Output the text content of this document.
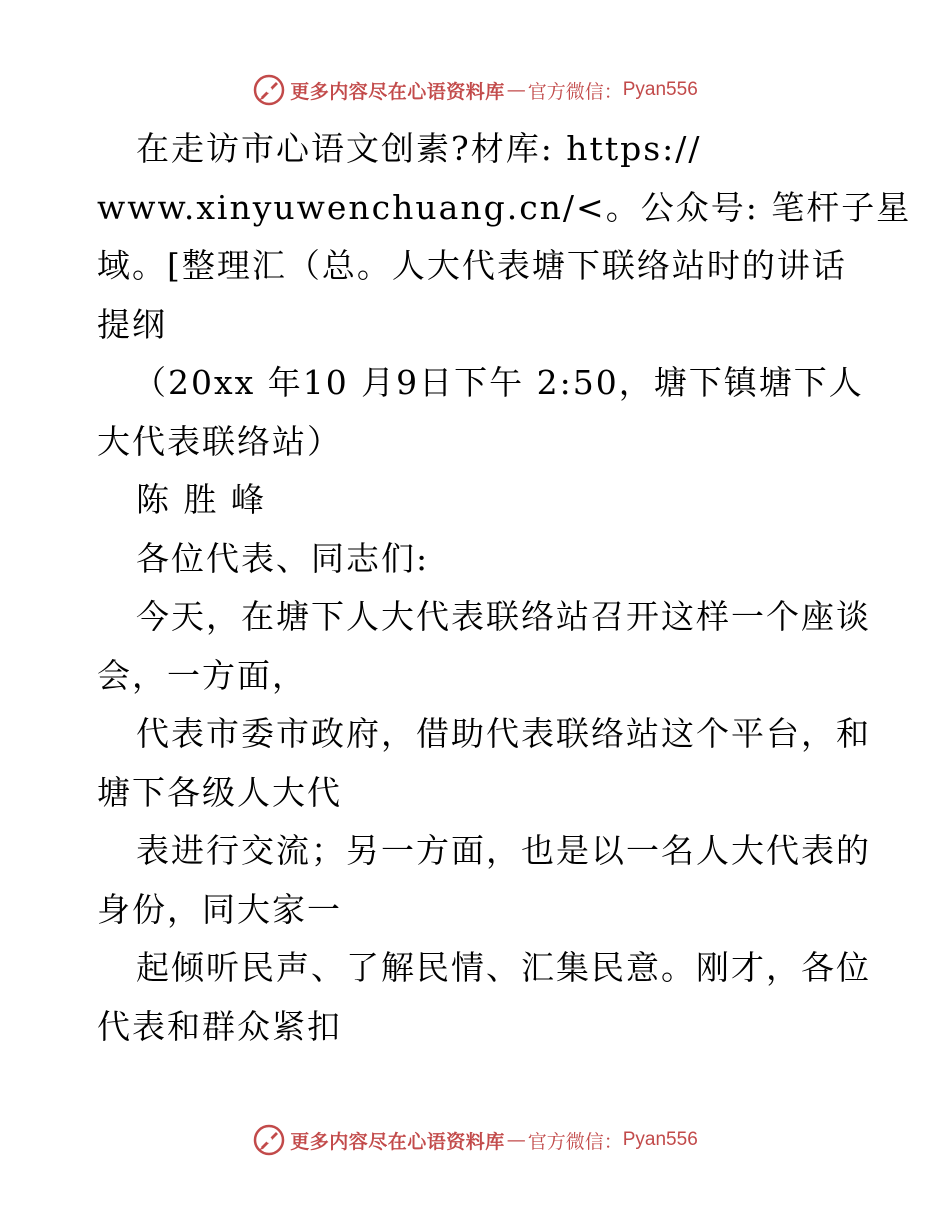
更多内容尽在心语资料库 — 官方微信： Pyan556
在走访市心语文创素?材库: https://
www.xinyuwenchuang.cn/<。公众号: 笔杆子星
域。[整理汇（总。人大代表塘下联络站时的讲话
提纲
（20xx 年10 月9日下午 2:50，塘下镇塘下人
大代表联络站）
陈 胜 峰
各位代表、同志们:
今天，在塘下人大代表联络站召开这样一个座谈
会，一方面，
代表市委市政府，借助代表联络站这个平台，和
塘下各级人大代
表进行交流；另一方面，也是以一名人大代表的
身份，同大家一
起倾听民声、了解民情、汇集民意。刚才，各位
代表和群众紧扣
更多内容尽在心语资料库 — 官方微信： Pyan556
